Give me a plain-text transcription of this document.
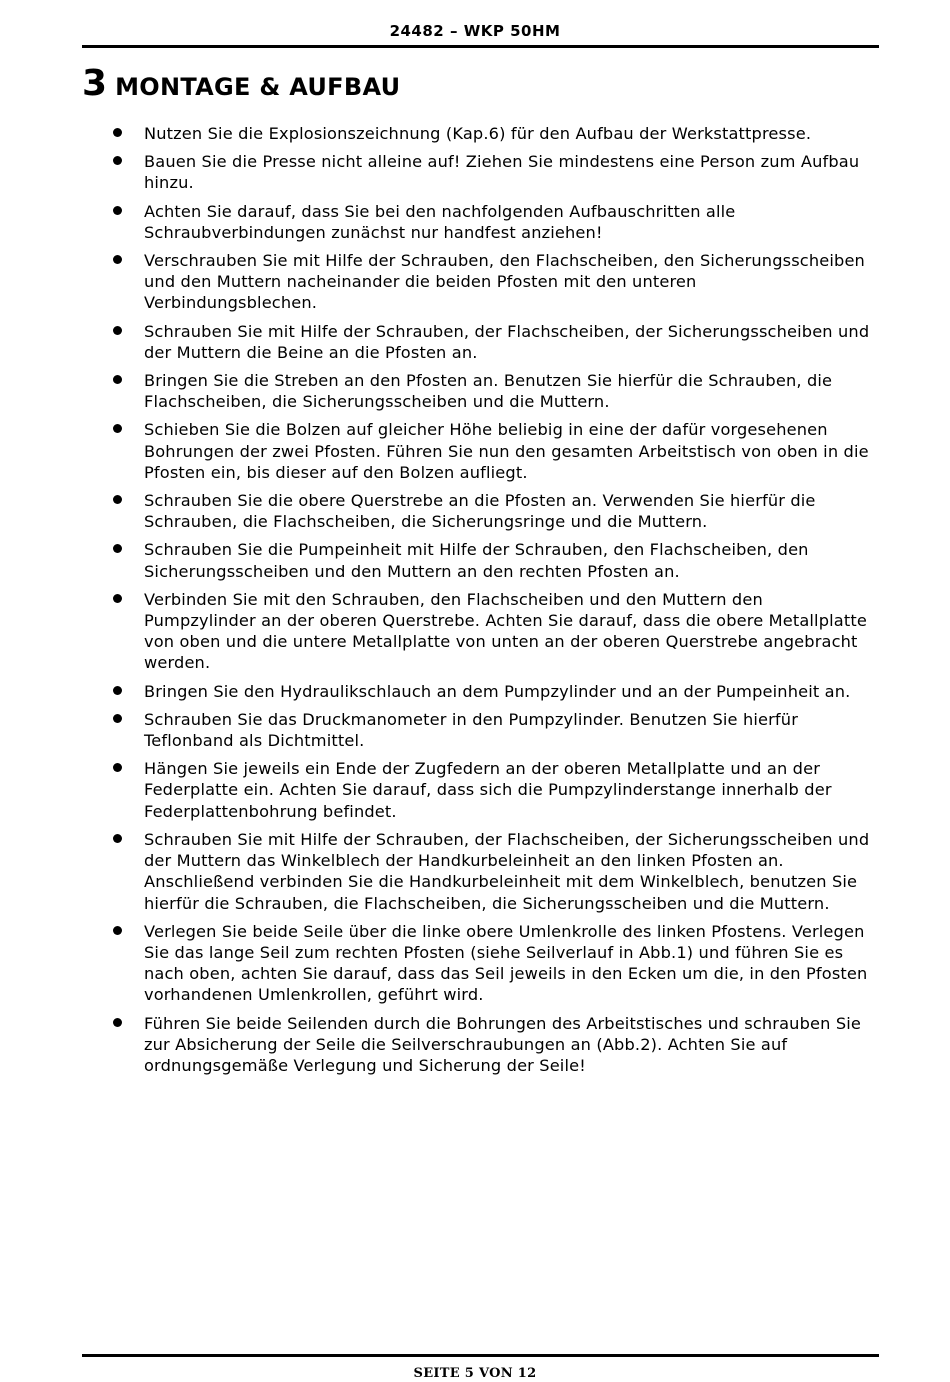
24482 – WKP 50HM
3 MONTAGE & AUFBAU
Nutzen Sie die Explosionszeichnung (Kap.6) für den Aufbau der Werkstattpresse.
Bauen Sie die Presse nicht alleine auf! Ziehen Sie mindestens eine Person zum Aufbau hinzu.
Achten Sie darauf, dass Sie bei den nachfolgenden Aufbauschritten alle Schraubverbindungen zunächst nur handfest anziehen!
Verschrauben Sie mit Hilfe der Schrauben, den Flachscheiben, den Sicherungsscheiben und den Muttern nacheinander die beiden Pfosten mit den unteren Verbindungsblechen.
Schrauben Sie mit Hilfe der Schrauben, der Flachscheiben, der Sicherungsscheiben und der Muttern die Beine an die Pfosten an.
Bringen Sie die Streben an den Pfosten an. Benutzen Sie hierfür die Schrauben, die Flachscheiben, die Sicherungsscheiben und die Muttern.
Schieben Sie die Bolzen auf gleicher Höhe beliebig in eine der dafür vorgesehenen Bohrungen der zwei Pfosten. Führen Sie nun den gesamten Arbeitstisch von oben in die Pfosten ein, bis dieser auf den Bolzen aufliegt.
Schrauben Sie die obere Querstrebe an die Pfosten an. Verwenden Sie hierfür die Schrauben, die Flachscheiben, die Sicherungsringe und die Muttern.
Schrauben Sie die Pumpeinheit mit Hilfe der Schrauben, den Flachscheiben, den Sicherungsscheiben und den Muttern an den rechten Pfosten an.
Verbinden Sie mit den Schrauben, den Flachscheiben und den Muttern den Pumpzylinder an der oberen Querstrebe. Achten Sie darauf, dass die obere Metallplatte von oben und die untere Metallplatte von unten an der oberen Querstrebe angebracht werden.
Bringen Sie den Hydraulikschlauch an dem Pumpzylinder und an der Pumpeinheit an.
Schrauben Sie das Druckmanometer in den Pumpzylinder. Benutzen Sie hierfür Teflonband als Dichtmittel.
Hängen Sie jeweils ein Ende der Zugfedern an der oberen Metallplatte und an der Federplatte ein. Achten Sie darauf, dass sich die Pumpzylinderstange innerhalb der Federplattenbohrung befindet.
Schrauben Sie mit Hilfe der Schrauben, der Flachscheiben, der Sicherungsscheiben und der Muttern das Winkelblech der Handkurbeleinheit an den linken Pfosten an. Anschließend verbinden Sie die Handkurbeleinheit mit dem Winkelblech, benutzen Sie hierfür die Schrauben, die Flachscheiben, die Sicherungsscheiben und die Muttern.
Verlegen Sie beide Seile über die linke obere Umlenkrolle des linken Pfostens. Verlegen Sie das lange Seil zum rechten Pfosten (siehe Seilverlauf in Abb.1) und führen Sie es nach oben, achten Sie darauf, dass das Seil jeweils in den Ecken um die, in den Pfosten vorhandenen Umlenkrollen, geführt wird.
Führen Sie beide Seilenden durch die Bohrungen des Arbeitstisches und schrauben Sie zur Absicherung der Seile die Seilverschraubungen an (Abb.2). Achten Sie auf ordnungsgemäße Verlegung und Sicherung der Seile!
SEITE 5 VON 12
